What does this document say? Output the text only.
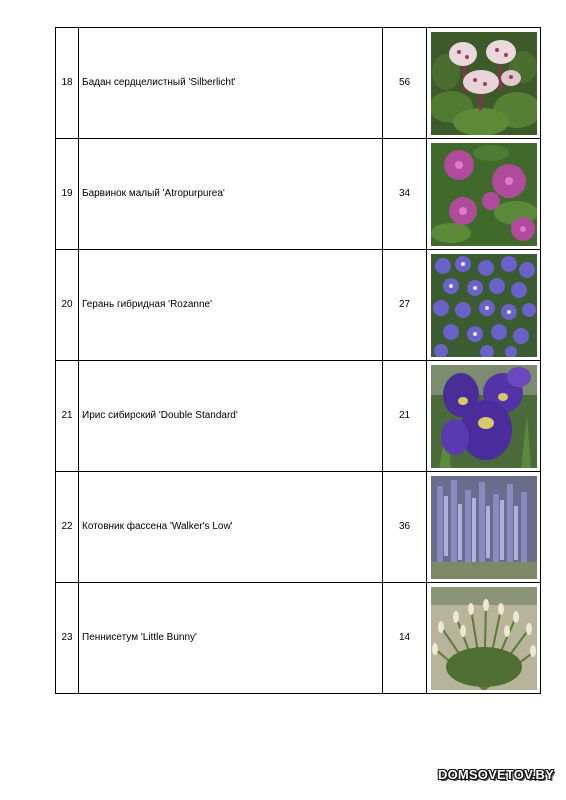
18	Бадан сердцелистный 'Silberlicht'	56	

19	Барвинок малый 'Atropurpurea'	34	

20	Герань гибридная 'Rozanne'	27	

21	Ирис сибирский 'Double Standard'	21	

22	Котовник фассена 'Walker's Low'	36	

23	Пеннисетум 'Little Bunny'	14	
DOMSOVETOV.BY
